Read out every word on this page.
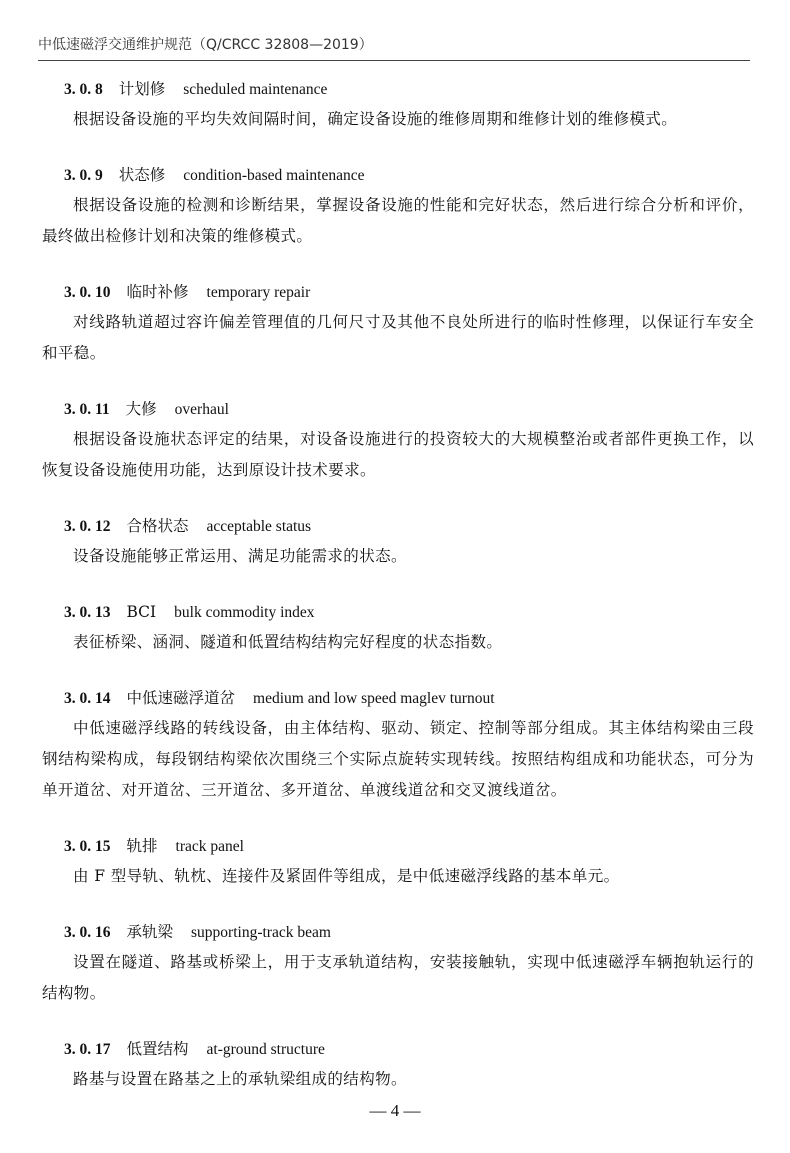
中低速磁浮交通维护规范（Q/CRCC 32808—2019）
3. 0. 8 计划修 scheduled maintenance
根据设备设施的平均失效间隔时间，确定设备设施的维修周期和维修计划的维修模式。
3. 0. 9 状态修 condition-based maintenance
根据设备设施的检测和诊断结果，掌握设备设施的性能和完好状态，然后进行综合分析和评价，最终做出检修计划和决策的维修模式。
3. 0. 10 临时补修 temporary repair
对线路轨道超过容许偏差管理值的几何尺寸及其他不良处所进行的临时性修理，以保证行车安全和平稳。
3. 0. 11 大修 overhaul
根据设备设施状态评定的结果，对设备设施进行的投资较大的大规模整治或者部件更换工作，以恢复设备设施使用功能，达到原设计技术要求。
3. 0. 12 合格状态 acceptable status
设备设施能够正常运用、满足功能需求的状态。
3. 0. 13 BCI bulk commodity index
表征桥梁、涵洞、隧道和低置结构结构完好程度的状态指数。
3. 0. 14 中低速磁浮道岔 medium and low speed maglev turnout
中低速磁浮线路的转线设备，由主体结构、驱动、锁定、控制等部分组成。其主体结构梁由三段钢结构梁构成，每段钢结构梁依次围绕三个实际点旋转实现转线。按照结构组成和功能状态，可分为单开道岔、对开道岔、三开道岔、多开道岔、单渡线道岔和交叉渡线道岔。
3. 0. 15 轨排 track panel
由 F 型导轨、轨枕、连接件及紧固件等组成，是中低速磁浮线路的基本单元。
3. 0. 16 承轨梁 supporting-track beam
设置在隧道、路基或桥梁上，用于支承轨道结构，安装接触轨，实现中低速磁浮车辆抱轨运行的结构物。
3. 0. 17 低置结构 at-ground structure
路基与设置在路基之上的承轨梁组成的结构物。
— 4 —
